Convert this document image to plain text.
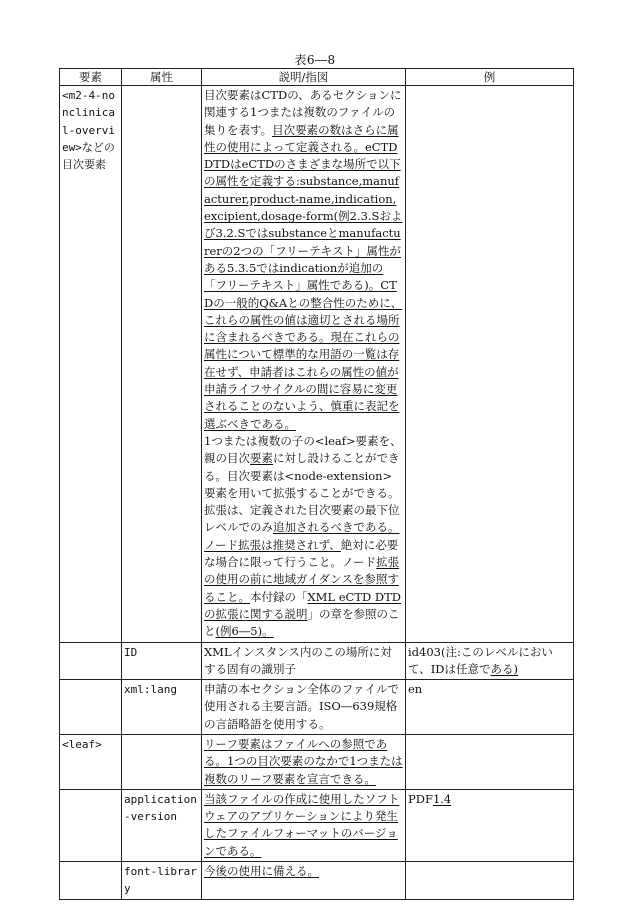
表6―8
要素	属性	説明/指図	例
<m2-4-nonclinical-overview>などの目次要素		目次要素はCTDの、あるセクションに関連する1つまたは複数のファイルの集りを表す。目次要素の数はさらに属性の使用によって定義される。eCTD DTDはeCTDのさまざまな場所で以下の属性を定義する:substance,manufacturer,product-name,indication,excipient,dosage-form(例2.3.Sおよび3.2.Sではsubstanceとmanufacturerの2つの「フリーテキスト」属性がある5.3.5ではindicationが追加の「フリーテキスト」属性である)。CTDの一般的Q&Aとの整合性のために、これらの属性の値は適切とされる場所に含まれるべきである。現在これらの属性について標準的な用語の一覧は存在せず、申請者はこれらの属性の値が申請ライフサイクルの間に容易に変更されることのないよう、慎重に表記を選ぶべきである。
1つまたは複数の子の<leaf>要素を、親の目次要素に対し設けることができる。目次要素は<node-extension>要素を用いて拡張することができる。拡張は、定義された目次要素の最下位レベルでのみ追加されるべきである。ノード拡張は推奨されず、絶対に必要な場合に限って行うこと。ノード拡張の使用の前に地域ガイダンスを参照すること。本付録の「XML eCTD DTDの拡張に関する説明」の章を参照のこと(例6―5)。	
	ID	XMLインスタンス内のこの場所に対する固有の識別子	id403(注:このレベルにおいて、IDは任意である)
	xml:lang	申請の本セクション全体のファイルで使用される主要言語。ISO―639規格の言語略語を使用する。	en
<leaf>		リーフ要素はファイルへの参照である。1つの目次要素のなかで1つまたは複数のリーフ要素を宣言できる。	
	application-version	当該ファイルの作成に使用したソフトウェアのアプリケーションにより発生したファイルフォーマットのバージョンである。	PDF1.4
	font-library	今後の使用に備える。	
